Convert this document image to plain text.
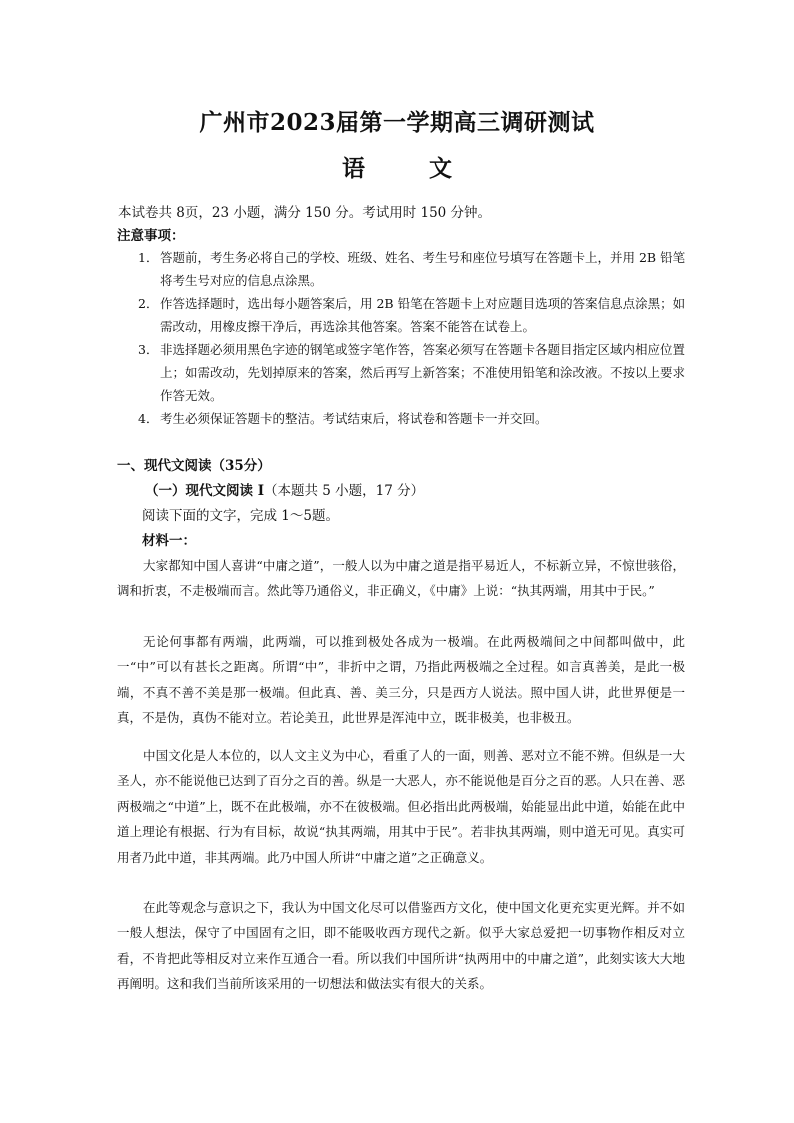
广州市2023届第一学期高三调研测试
语 文
本试卷共 8页，23 小题，满分 150 分。考试用时 150 分钟。
注意事项：
1． 答题前，考生务必将自己的学校、班级、姓名、考生号和座位号填写在答题卡上，并用 2B 铅笔将考生号对应的信息点涂黑。
2． 作答选择题时，选出每小题答案后，用 2B 铅笔在答题卡上对应题目选项的答案信息点涂黑；如需改动，用橡皮擦干净后，再选涂其他答案。答案不能答在试卷上。
3． 非选择题必须用黑色字迹的钢笔或签字笔作答，答案必须写在答题卡各题目指定区域内相应位置上；如需改动，先划掉原来的答案，然后再写上新答案；不准使用铅笔和涂改液。不按以上要求作答无效。
4． 考生必须保证答题卡的整洁。考试结束后，将试卷和答题卡一并交回。
一、现代文阅读（35分）
（一）现代文阅读 I（本题共 5 小题，17 分）
阅读下面的文字，完成 1～5题。
材料一：
大家都知中国人喜讲“中庸之道”，一般人以为中庸之道是指平易近人，不标新立异，不惊世骇俗，调和折衷，不走极端而言。然此等乃通俗义，非正确义，《中庸》上说：“执其两端，用其中于民。”
无论何事都有两端，此两端，可以推到极处各成为一极端。在此两极端间之中间都叫做中，此一“中”可以有甚长之距离。所谓“中”，非折中之谓，乃指此两极端之全过程。如言真善美，是此一极端，不真不善不美是那一极端。但此真、善、美三分，只是西方人说法。照中国人讲，此世界便是一真，不是伪，真伪不能对立。若论美丑，此世界是浑沌中立，既非极美，也非极丑。
中国文化是人本位的，以人文主义为中心，看重了人的一面，则善、恶对立不能不辨。但纵是一大圣人，亦不能说他已达到了百分之百的善。纵是一大恶人，亦不能说他是百分之百的恶。人只在善、恶两极端之“中道”上，既不在此极端，亦不在彼极端。但必指出此两极端，始能显出此中道，始能在此中道上理论有根据、行为有目标，故说“执其两端，用其中于民”。若非执其两端，则中道无可见。真实可用者乃此中道，非其两端。此乃中国人所讲“中庸之道”之正确意义。
在此等观念与意识之下，我认为中国文化尽可以借鉴西方文化，使中国文化更充实更光辉。并不如一般人想法，保守了中国固有之旧，即不能吸收西方现代之新。似乎大家总爱把一切事物作相反对立看，不肯把此等相反对立来作互通合一看。所以我们中国所讲“执两用中的中庸之道”，此刻实该大大地再阐明。这和我们当前所该采用的一切想法和做法实有很大的关系。
